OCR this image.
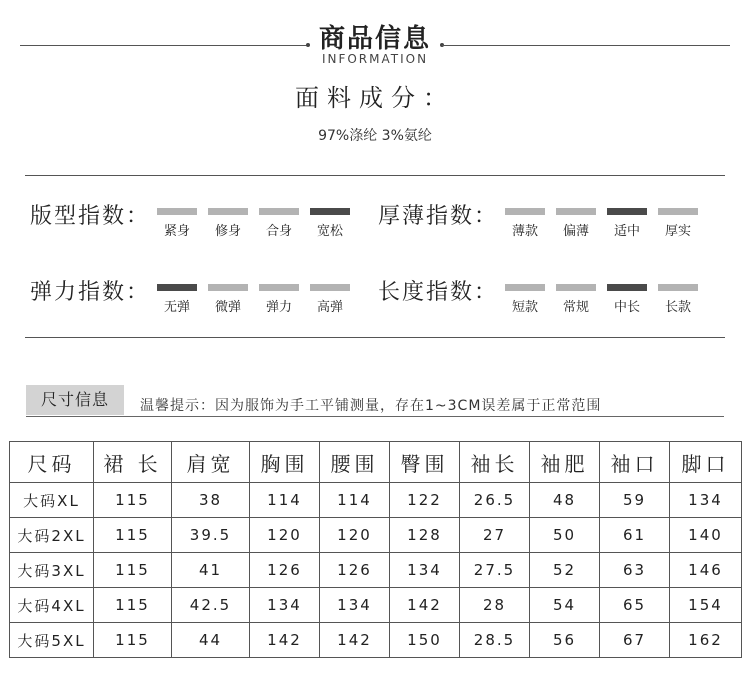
商品信息
INFORMATION
面料成分：
97%涤纶 3%氨纶
版型指数：
紧身	修身	合身	宽松
厚薄指数：
薄款	偏薄	适中	厚实
弹力指数：
无弹	微弹	弹力	高弹
长度指数：
短款	常规	中长	长款
尺寸信息	温馨提示：因为服饰为手工平铺测量，存在1~3CM误差属于正常范围
尺码	裙 长	肩宽	胸围	腰围	臀围	袖长	袖肥	袖口	脚口
大码XL	115	38	114	114	122	26.5	48	59	134
大码2XL	115	39.5	120	120	128	27	50	61	140
大码3XL	115	41	126	126	134	27.5	52	63	146
大码4XL	115	42.5	134	134	142	28	54	65	154
大码5XL	115	44	142	142	150	28.5	56	67	162
